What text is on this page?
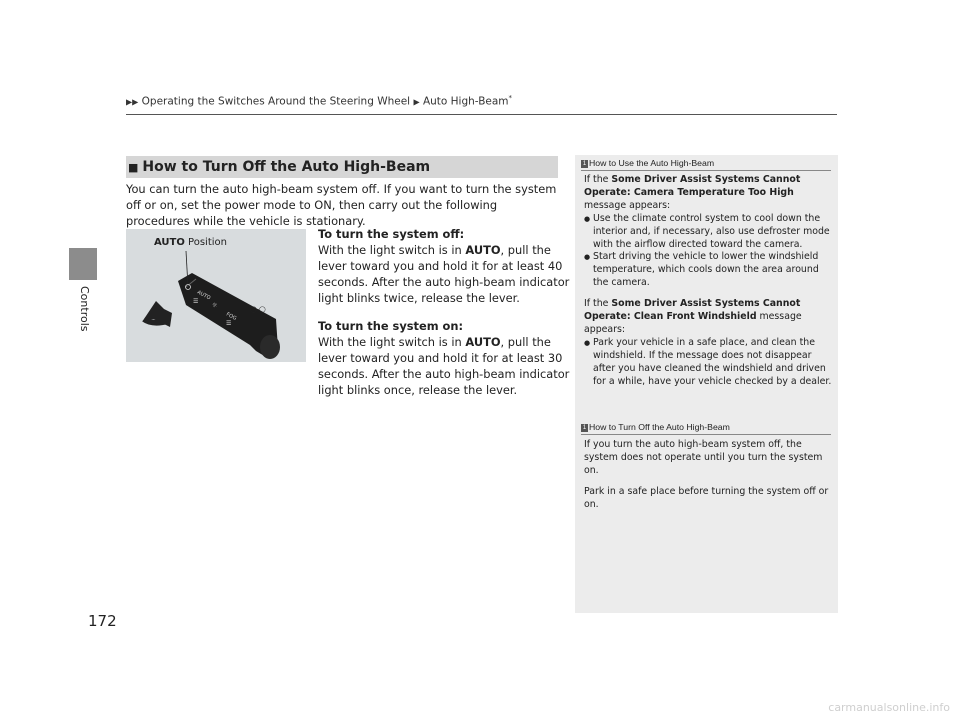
▶▶ Operating the Switches Around the Steering Wheel ▶ Auto High-Beam*
Controls
172
■ How to Turn Off the Auto High-Beam
You can turn the auto high-beam system off. If you want to turn the system off or on, set the power mode to ON, then carry out the following procedures while the vehicle is stationary.
AUTO
☰
☼
FOG
☰
◯‑◯
AUTO Position
To turn the system off:
With the light switch is in AUTO, pull the lever toward you and hold it for at least 40 seconds. After the auto high-beam indicator light blinks twice, release the lever.
To turn the system on:
With the light switch is in AUTO, pull the lever toward you and hold it for at least 30 seconds. After the auto high-beam indicator light blinks once, release the lever.
1 How to Use the Auto High-Beam
If the Some Driver Assist Systems Cannot Operate: Camera Temperature Too High message appears:
● Use the climate control system to cool down the interior and, if necessary, also use defroster mode with the airflow directed toward the camera.
● Start driving the vehicle to lower the windshield temperature, which cools down the area around the camera.
If the Some Driver Assist Systems Cannot Operate: Clean Front Windshield message appears:
● Park your vehicle in a safe place, and clean the windshield. If the message does not disappear after you have cleaned the windshield and driven for a while, have your vehicle checked by a dealer.
1 How to Turn Off the Auto High-Beam
If you turn the auto high-beam system off, the system does not operate until you turn the system on.
Park in a safe place before turning the system off or on.
carmanualsonline.info
